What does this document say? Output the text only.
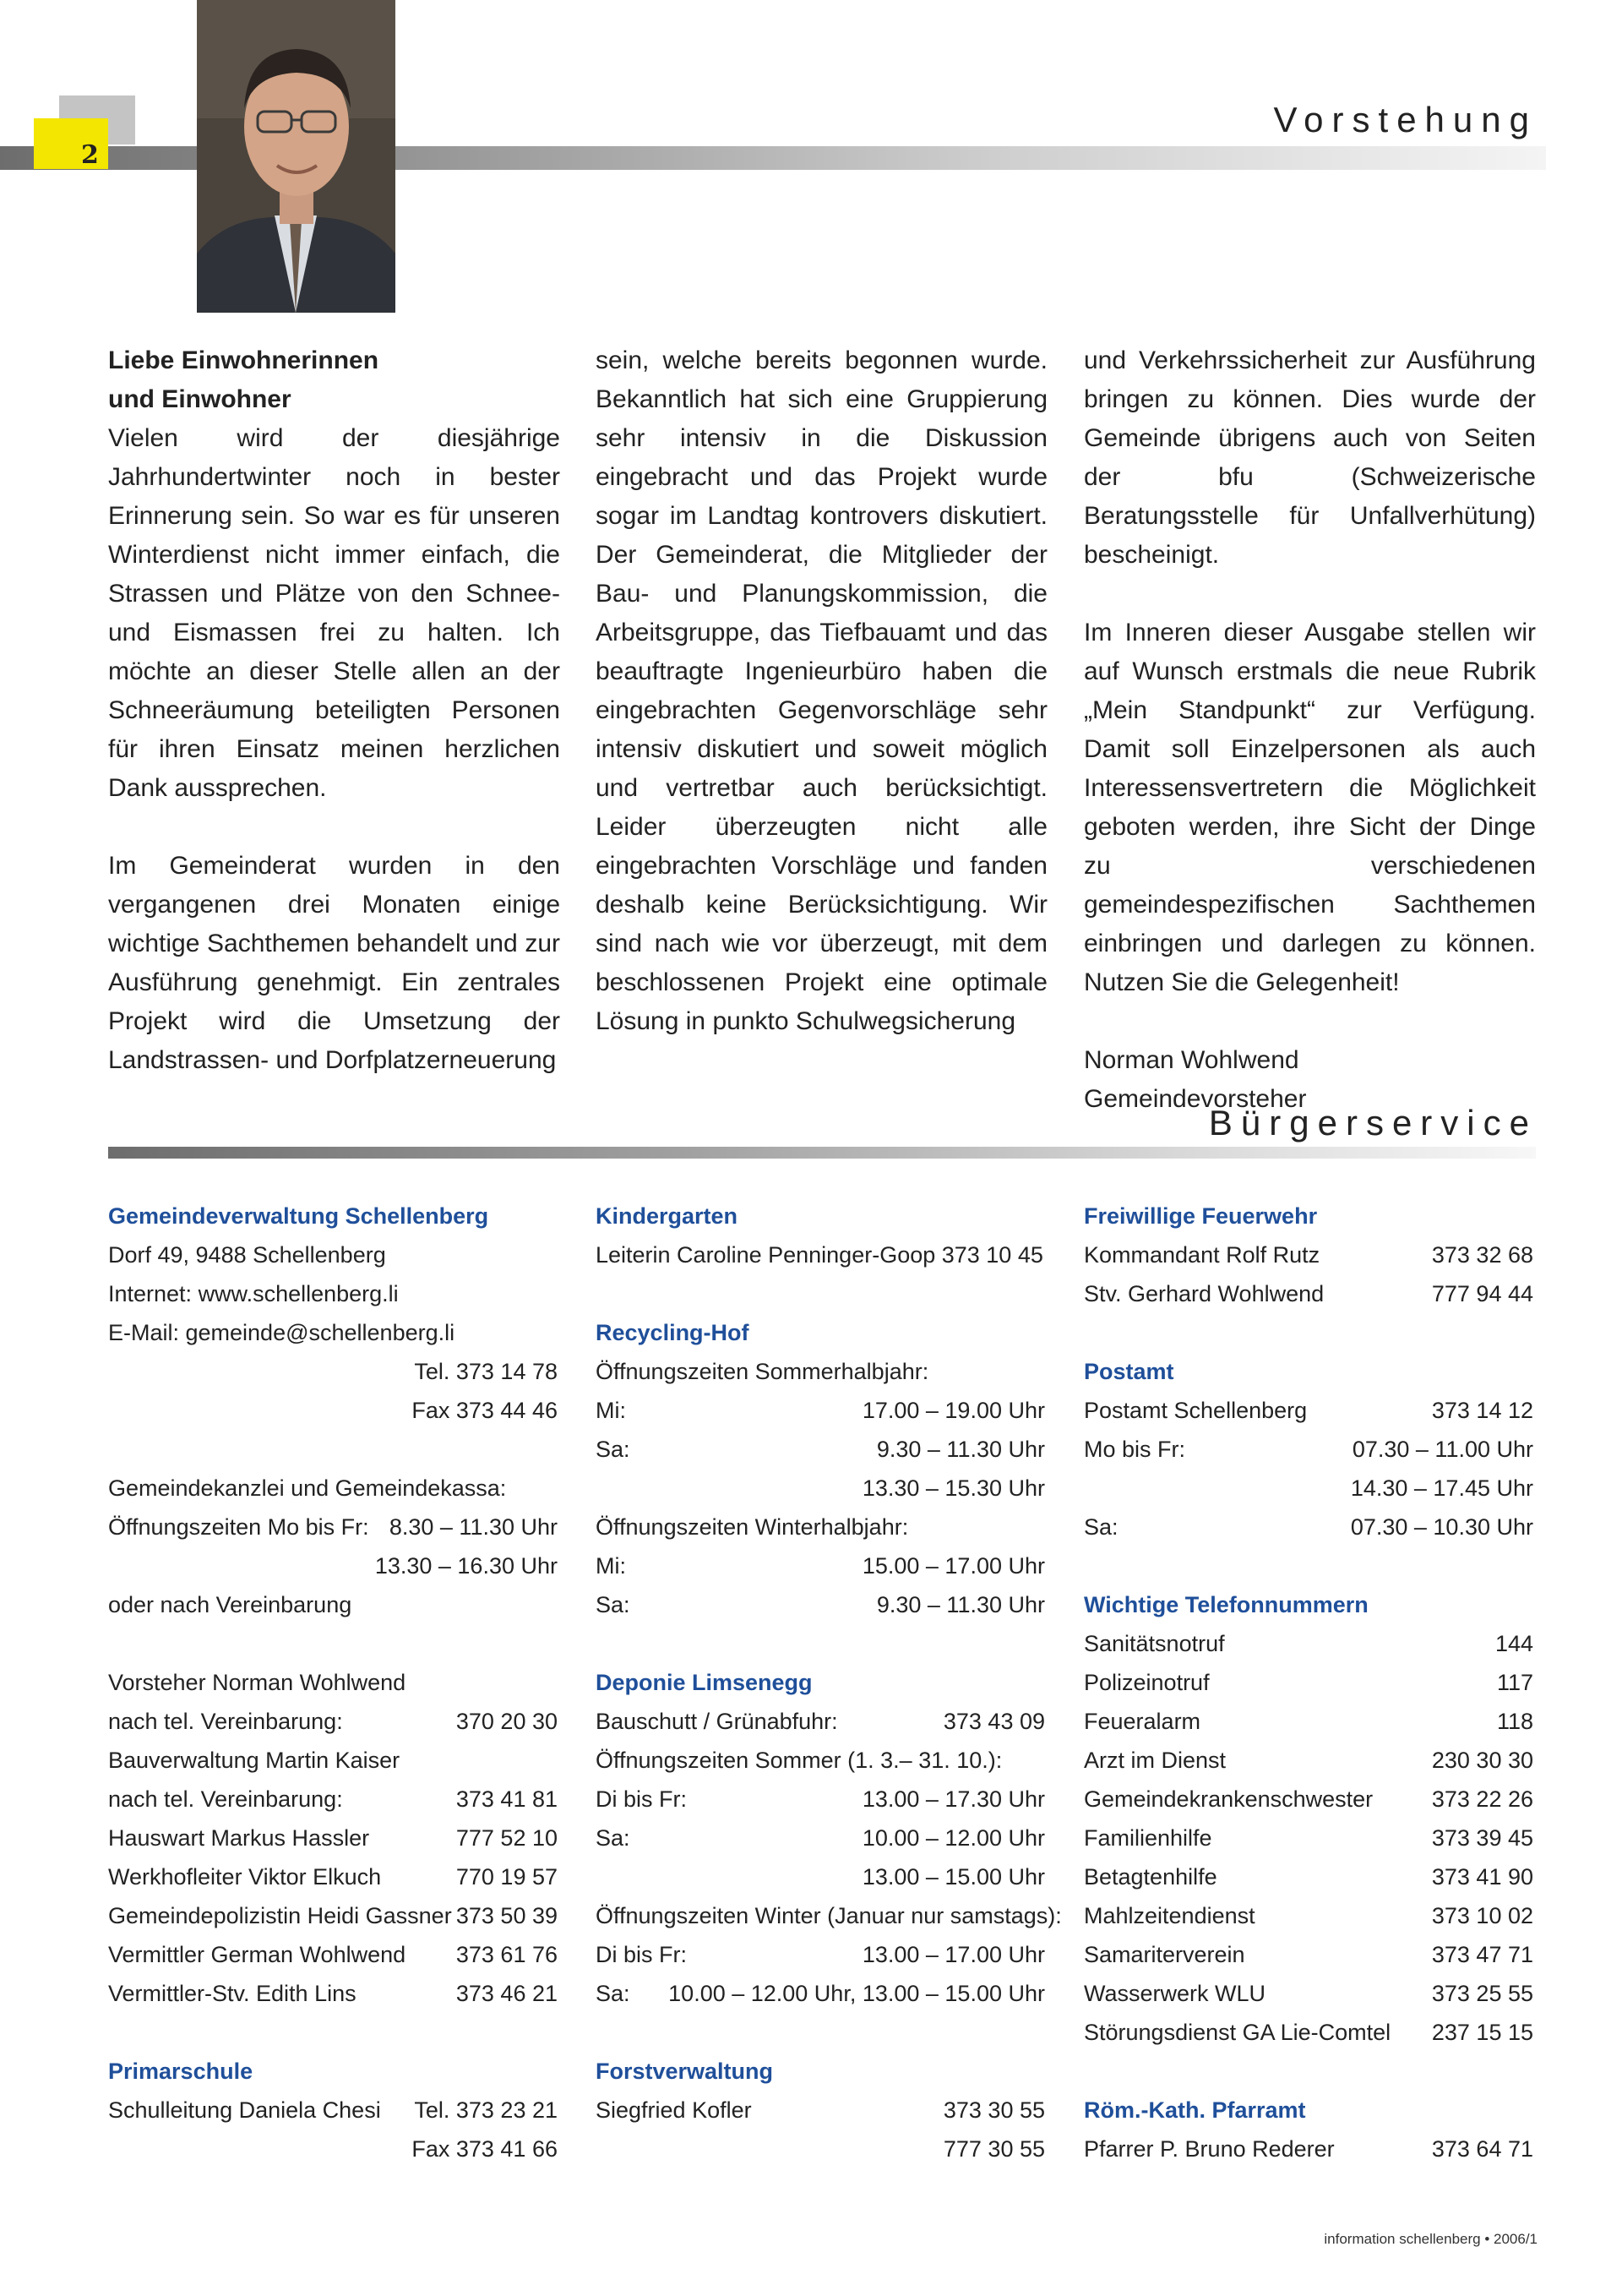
2
Vorstehung

Liebe Einwohnerinnen

und Einwohner

Vielen wird der diesjährige Jahrhundertwinter noch in bester Erinnerung sein. So war es für unseren Winterdienst nicht immer einfach, die Strassen und Plätze von den Schnee- und Eismassen frei zu halten. Ich möchte an dieser Stelle allen an der Schneeräumung beteiligten Personen für ihren Einsatz meinen herzlichen Dank aussprechen.

Im Gemeinderat wurden in den vergangenen drei Monaten einige wichtige Sachthemen behandelt und zur Ausführung genehmigt. Ein zentrales Projekt wird die Umsetzung der Landstrassen- und Dorfplatzerneuerung

sein, welche bereits begonnen wurde. Bekanntlich hat sich eine Gruppierung sehr intensiv in die Diskussion eingebracht und das Projekt wurde sogar im Landtag kontrovers diskutiert. Der Gemeinderat, die Mitglieder der Bau- und Planungskommission, die Arbeitsgruppe, das Tiefbauamt und das beauftragte Ingenieurbüro haben die eingebrachten Gegenvorschläge sehr intensiv diskutiert und soweit möglich und vertretbar auch berücksichtigt. Leider überzeugten nicht alle eingebrachten Vorschläge und fanden deshalb keine Berücksichtigung. Wir sind nach wie vor überzeugt, mit dem beschlossenen Projekt eine optimale Lösung in punkto Schulwegsicherung

und Verkehrssicherheit zur Ausführung bringen zu können. Dies wurde der Gemeinde übrigens auch von Seiten der bfu (Schweizerische Beratungsstelle für Unfallverhütung) bescheinigt.

Im Inneren dieser Ausgabe stellen wir auf Wunsch erstmals die neue Rubrik „Mein Standpunkt“ zur Verfügung. Damit soll Einzelpersonen als auch Interessensvertretern die Möglichkeit geboten werden, ihre Sicht der Dinge zu verschiedenen gemeindespezifischen Sachthemen einbringen und darlegen zu können. Nutzen Sie die Gelegenheit!

Norman Wohlwend
Gemeindevorsteher

Bürgerservice
Gemeindeverwaltung Schellenberg
Dorf 49, 9488 Schellenberg
Internet: www.schellenberg.li
E-Mail: gemeinde@schellenberg.li
Tel. 373 14 78
Fax 373 44 46
Gemeindekanzlei und Gemeindekassa:
Öffnungszeiten Mo bis Fr: 8.30 – 11.30 Uhr
13.30 – 16.30 Uhr
oder nach Vereinbarung
Vorsteher Norman Wohlwend
nach tel. Vereinbarung:	370 20 30
Bauverwaltung Martin Kaiser
nach tel. Vereinbarung:	373 41 81
Hauswart Markus Hassler	777 52 10
Werkhofleiter Viktor Elkuch	770 19 57
Gemeindepolizistin Heidi Gassner 373 50 39
Vermittler German Wohlwend 373 61 76
Vermittler-Stv. Edith Lins	373 46 21
Primarschule
Schulleitung Daniela Chesi Tel. 373 23 21
Fax 373 41 66
Kindergarten
Leiterin Caroline Penninger-Goop 373 10 45
Recycling-Hof
Öffnungszeiten Sommerhalbjahr:
Mi:	17.00 – 19.00 Uhr
Sa:	9.30 – 11.30 Uhr
13.30 – 15.30 Uhr
Öffnungszeiten Winterhalbjahr:
Mi:	15.00 – 17.00 Uhr
Sa:	9.30 – 11.30 Uhr
Deponie Limsenegg
Bauschutt / Grünabfuhr:	373 43 09
Öffnungszeiten Sommer (1. 3.– 31. 10.):
Di bis Fr:	13.00 – 17.30 Uhr
Sa:	10.00 – 12.00 Uhr
13.00 – 15.00 Uhr
Öffnungszeiten Winter (Januar nur samstags):
Di bis Fr:	13.00 – 17.00 Uhr
Sa: 10.00 – 12.00 Uhr, 13.00 – 15.00 Uhr
Forstverwaltung
Siegfried Kofler	373 30 55
777 30 55
Freiwillige Feuerwehr
Kommandant Rolf Rutz	373 32 68
Stv. Gerhard Wohlwend	777 94 44
Postamt
Postamt Schellenberg	373 14 12
Mo bis Fr:	07.30 – 11.00 Uhr
14.30 – 17.45 Uhr
Sa:	07.30 – 10.30 Uhr
Wichtige Telefonnummern
Sanitätsnotruf	144
Polizeinotruf	117
Feueralarm	118
Arzt im Dienst	230 30 30
Gemeindekrankenschwester	373 22 26
Familienhilfe	373 39 45
Betagtenhilfe	373 41 90
Mahlzeitendienst	373 10 02
Samariterverein	373 47 71
Wasserwerk WLU	373 25 55
Störungsdienst GA Lie-Comtel 237 15 15
Röm.-Kath. Pfarramt
Pfarrer P. Bruno Rederer	373 64 71
information schellenberg • 2006/1
